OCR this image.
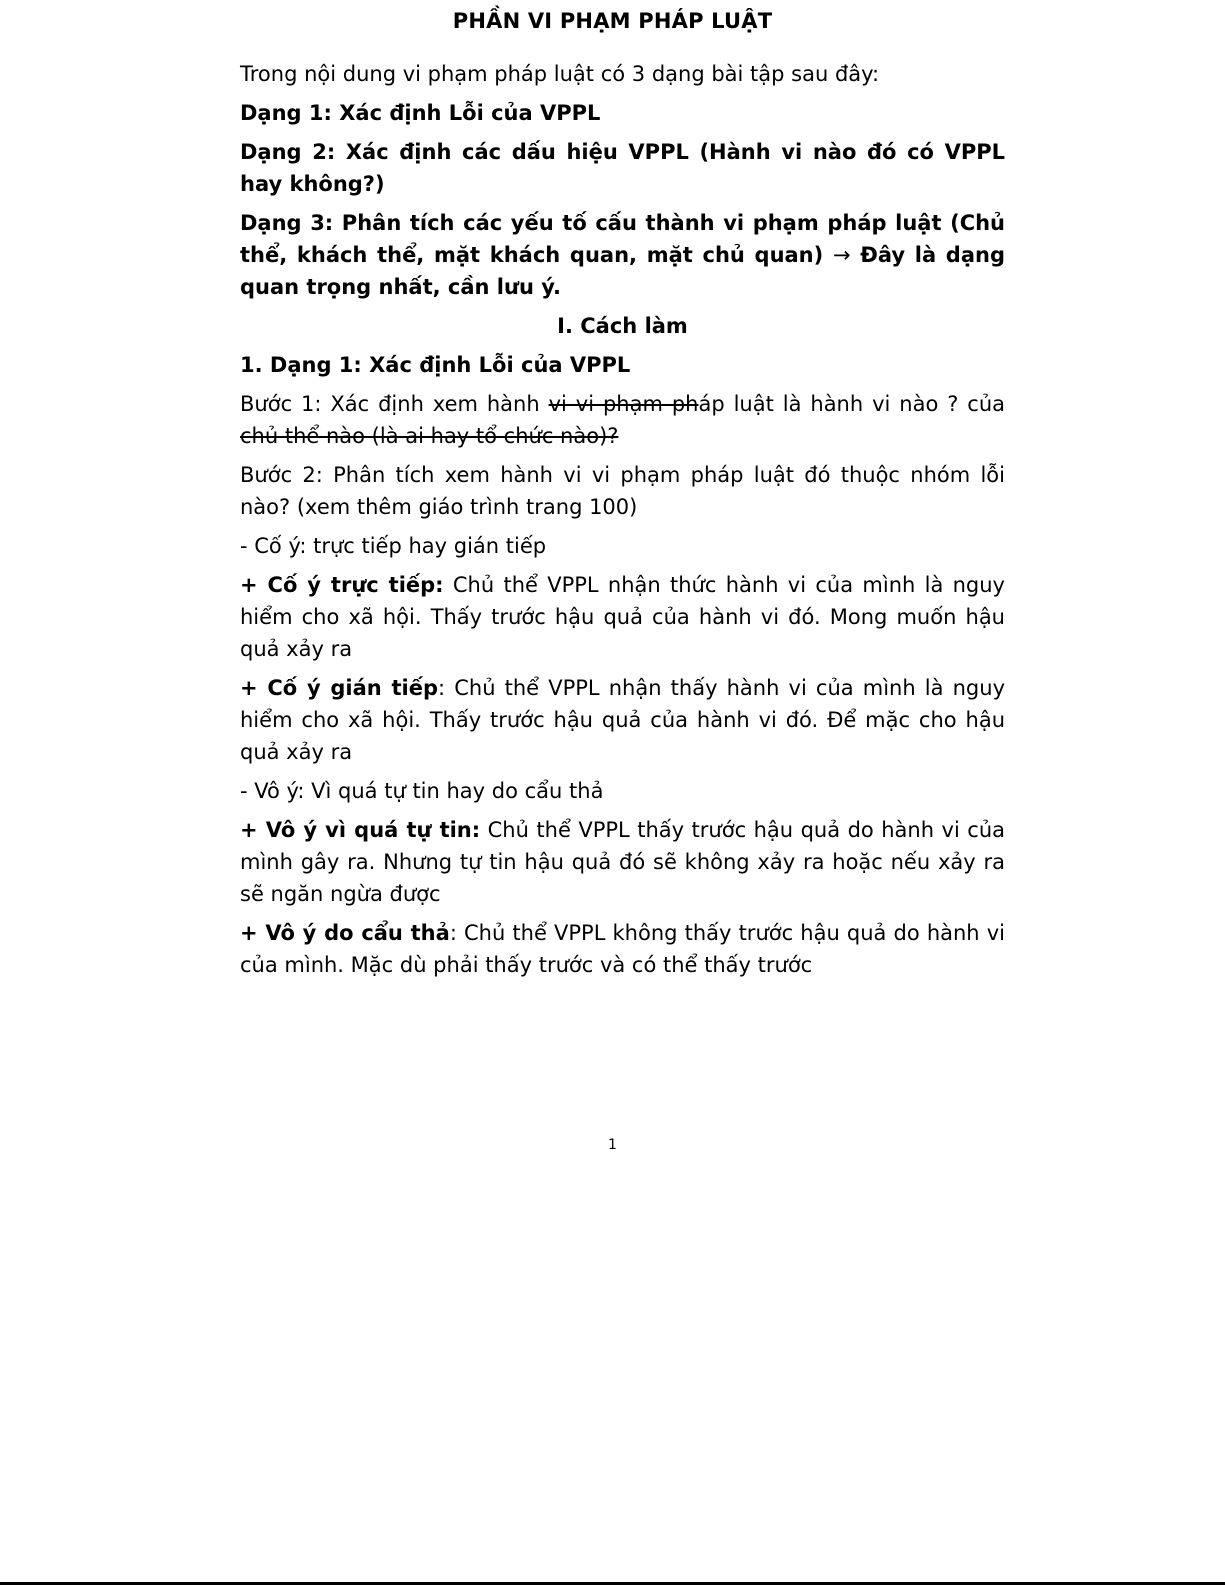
PHẦN VI PHẠM PHÁP LUẬT

Trong nội dung vi phạm pháp luật có 3 dạng bài tập sau đây:

Dạng 1: Xác định Lỗi của VPPL

Dạng 2: Xác định các dấu hiệu VPPL (Hành vi nào đó có VPPL hay không?)

Dạng 3: Phân tích các yếu tố cấu thành vi phạm pháp luật (Chủ thể, khách thể, mặt khách quan, mặt chủ quan) → Đây là dạng quan trọng nhất, cần lưu ý.

I. Cách làm

1. Dạng 1: Xác định Lỗi của VPPL

Bước 1: Xác định xem hành vi vi phạm pháp luật là hành vi nào ? của chủ thể nào (là ai hay tổ chức nào)?

Bước 2: Phân tích xem hành vi vi phạm pháp luật đó thuộc nhóm lỗi nào? (xem thêm giáo trình trang 100)

- Cố ý: trực tiếp hay gián tiếp

+ Cố ý trực tiếp: Chủ thể VPPL nhận thức hành vi của mình là nguy hiểm cho xã hội. Thấy trước hậu quả của hành vi đó. Mong muốn hậu quả xảy ra

+ Cố ý gián tiếp: Chủ thể VPPL nhận thấy hành vi của mình là nguy hiểm cho xã hội. Thấy trước hậu quả của hành vi đó. Để mặc cho hậu quả xảy ra

- Vô ý: Vì quá tự tin hay do cẩu thả

+ Vô ý vì quá tự tin: Chủ thể VPPL thấy trước hậu quả do hành vi của mình gây ra. Nhưng tự tin hậu quả đó sẽ không xảy ra hoặc nếu xảy ra sẽ ngăn ngừa được

+ Vô ý do cẩu thả: Chủ thể VPPL không thấy trước hậu quả do hành vi của mình. Mặc dù phải thấy trước và có thể thấy trước

1
